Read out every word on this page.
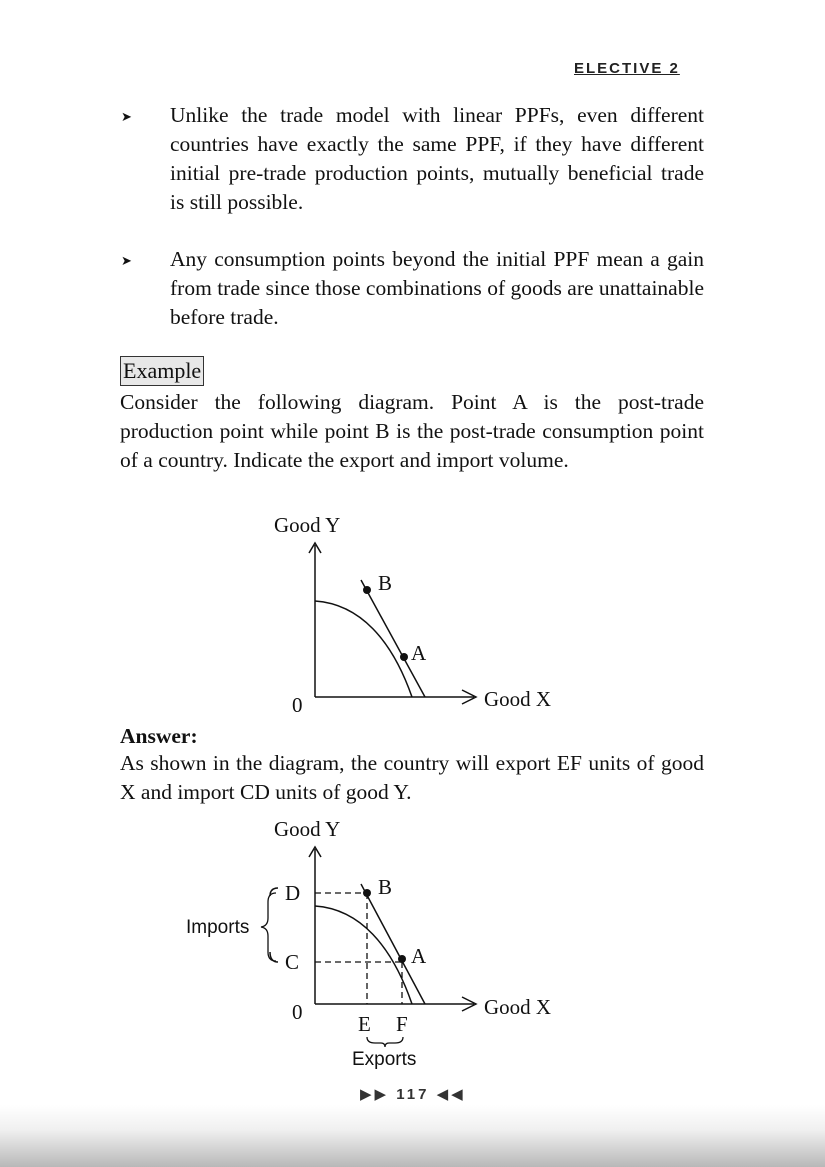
ELECTIVE 2
➤	Unlike the trade model with linear PPFs, even different countries have exactly the same PPF, if they have different initial pre-trade production points, mutually beneficial trade is still possible.
➤	Any consumption points beyond the initial PPF mean a gain from trade since those combinations of goods are unattainable before trade.
Example
Consider the following diagram. Point A is the post-trade production point while point B is the post-trade consumption point of a country. Indicate the export and import volume.
Good Y
Good X
0
B
A
Answer:
As shown in the diagram, the country will export EF units of good X and import CD units of good Y.
Good Y
Good X
0
B
A
D
C
Imports
E F
Exports
▶▶ 117 ◀◀
